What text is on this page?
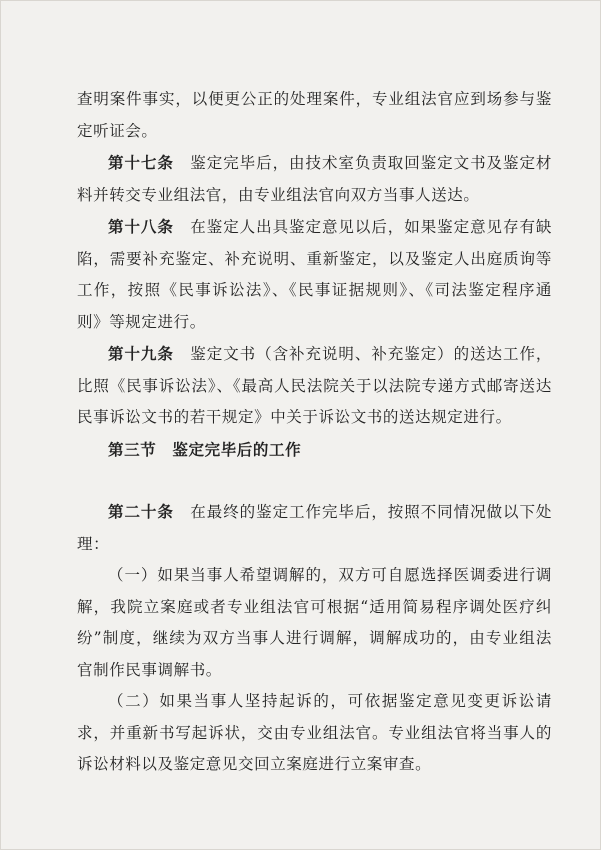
查明案件事实，以便更公正的处理案件，专业组法官应到场参与鉴定听证会。

第十七条　 鉴定完毕后，由技术室负责取回鉴定文书及鉴定材料并转交专业组法官，由专业组法官向双方当事人送达。

第十八条　 在鉴定人出具鉴定意见以后，如果鉴定意见存有缺陷，需要补充鉴定、补充说明、重新鉴定，以及鉴定人出庭质询等工作，按照《民事诉讼法》、《民事证据规则》、《司法鉴定程序通则》等规定进行。

第十九条　 鉴定文书（含补充说明、补充鉴定）的送达工作，比照《民事诉讼法》、《最高人民法院关于以法院专递方式邮寄送达民事诉讼文书的若干规定》中关于诉讼文书的送达规定进行。

第三节　鉴定完毕后的工作

第二十条　 在最终的鉴定工作完毕后，按照不同情况做以下处理：

（一）如果当事人希望调解的，双方可自愿选择医调委进行调解，我院立案庭或者专业组法官可根据“适用简易程序调处医疗纠纷”制度，继续为双方当事人进行调解，调解成功的，由专业组法官制作民事调解书。

（二）如果当事人坚持起诉的，可依据鉴定意见变更诉讼请求，并重新书写起诉状，交由专业组法官。专业组法官将当事人的诉讼材料以及鉴定意见交回立案庭进行立案审查。
